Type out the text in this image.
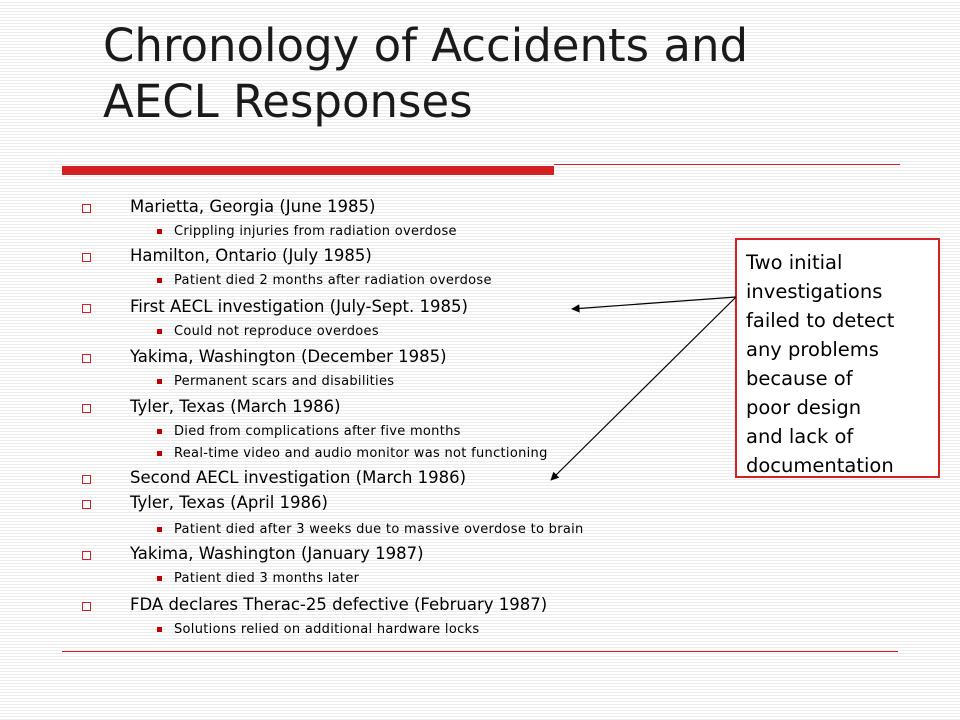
Chronology of Accidents and
AECL Responses
Marietta, Georgia (June 1985)
Crippling injuries from radiation overdose
Hamilton, Ontario (July 1985)
Patient died 2 months after radiation overdose
First AECL investigation (July-Sept. 1985)
Could not reproduce overdoes
Yakima, Washington (December 1985)
Permanent scars and disabilities
Tyler, Texas (March 1986)
Died from complications after five months
Real-time video and audio monitor was not functioning
Second AECL investigation (March 1986)
Tyler, Texas (April 1986)
Patient died after 3 weeks due to massive overdose to brain
Yakima, Washington (January 1987)
Patient died 3 months later
FDA declares Therac-25 defective (February 1987)
Solutions relied on additional hardware locks
Two initial
investigations
failed to detect
any problems
because of
poor design
and lack of
documentation
